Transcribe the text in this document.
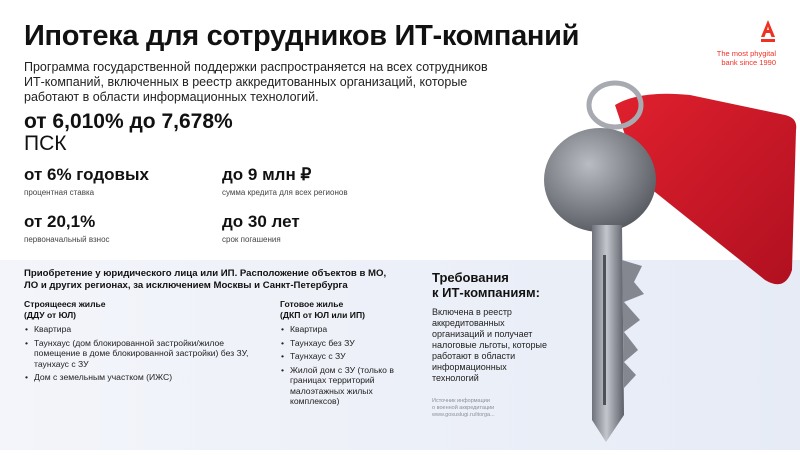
Ипотека для сотрудников ИТ-компаний
The most phygital
bank since 1990
Программа государственной поддержки распространяется на всех сотрудников
ИТ-компаний, включенных в реестр аккредитованных организаций, которые
работают в области информационных технологий.
от 6,010% до 7,678%
ПСК
от 6% годовых
процентная ставка
до 9 млн ₽
сумма кредита для всех регионов
от 20,1%
первоначальный взнос
до 30 лет
срок погашения
Приобретение у юридического лица или ИП. Расположение объектов в МО,
ЛО и других регионах, за исключением Москвы и Санкт-Петербурга
Строящееся жилье
(ДДУ от ЮЛ)
• Квартира
• Таунхаус (дом блокированной застройки/жилое помещение в доме блокированной застройки) без ЗУ, таунхаус с ЗУ
• Дом с земельным участком (ИЖС)
Готовое жилье
(ДКП от ЮЛ или ИП)
• Квартира
• Таунхаус без ЗУ
• Таунхаус с ЗУ
• Жилой дом с ЗУ (только в границах территорий малоэтажных жилых комплексов)
Требования
к ИТ-компаниям:
Включена в реестр аккредитованных организаций и получает налоговые льготы, которые работают в области информационных технологий
Источник информации
о военной аккредитации
www.gosuslugi.ru/itorga...
